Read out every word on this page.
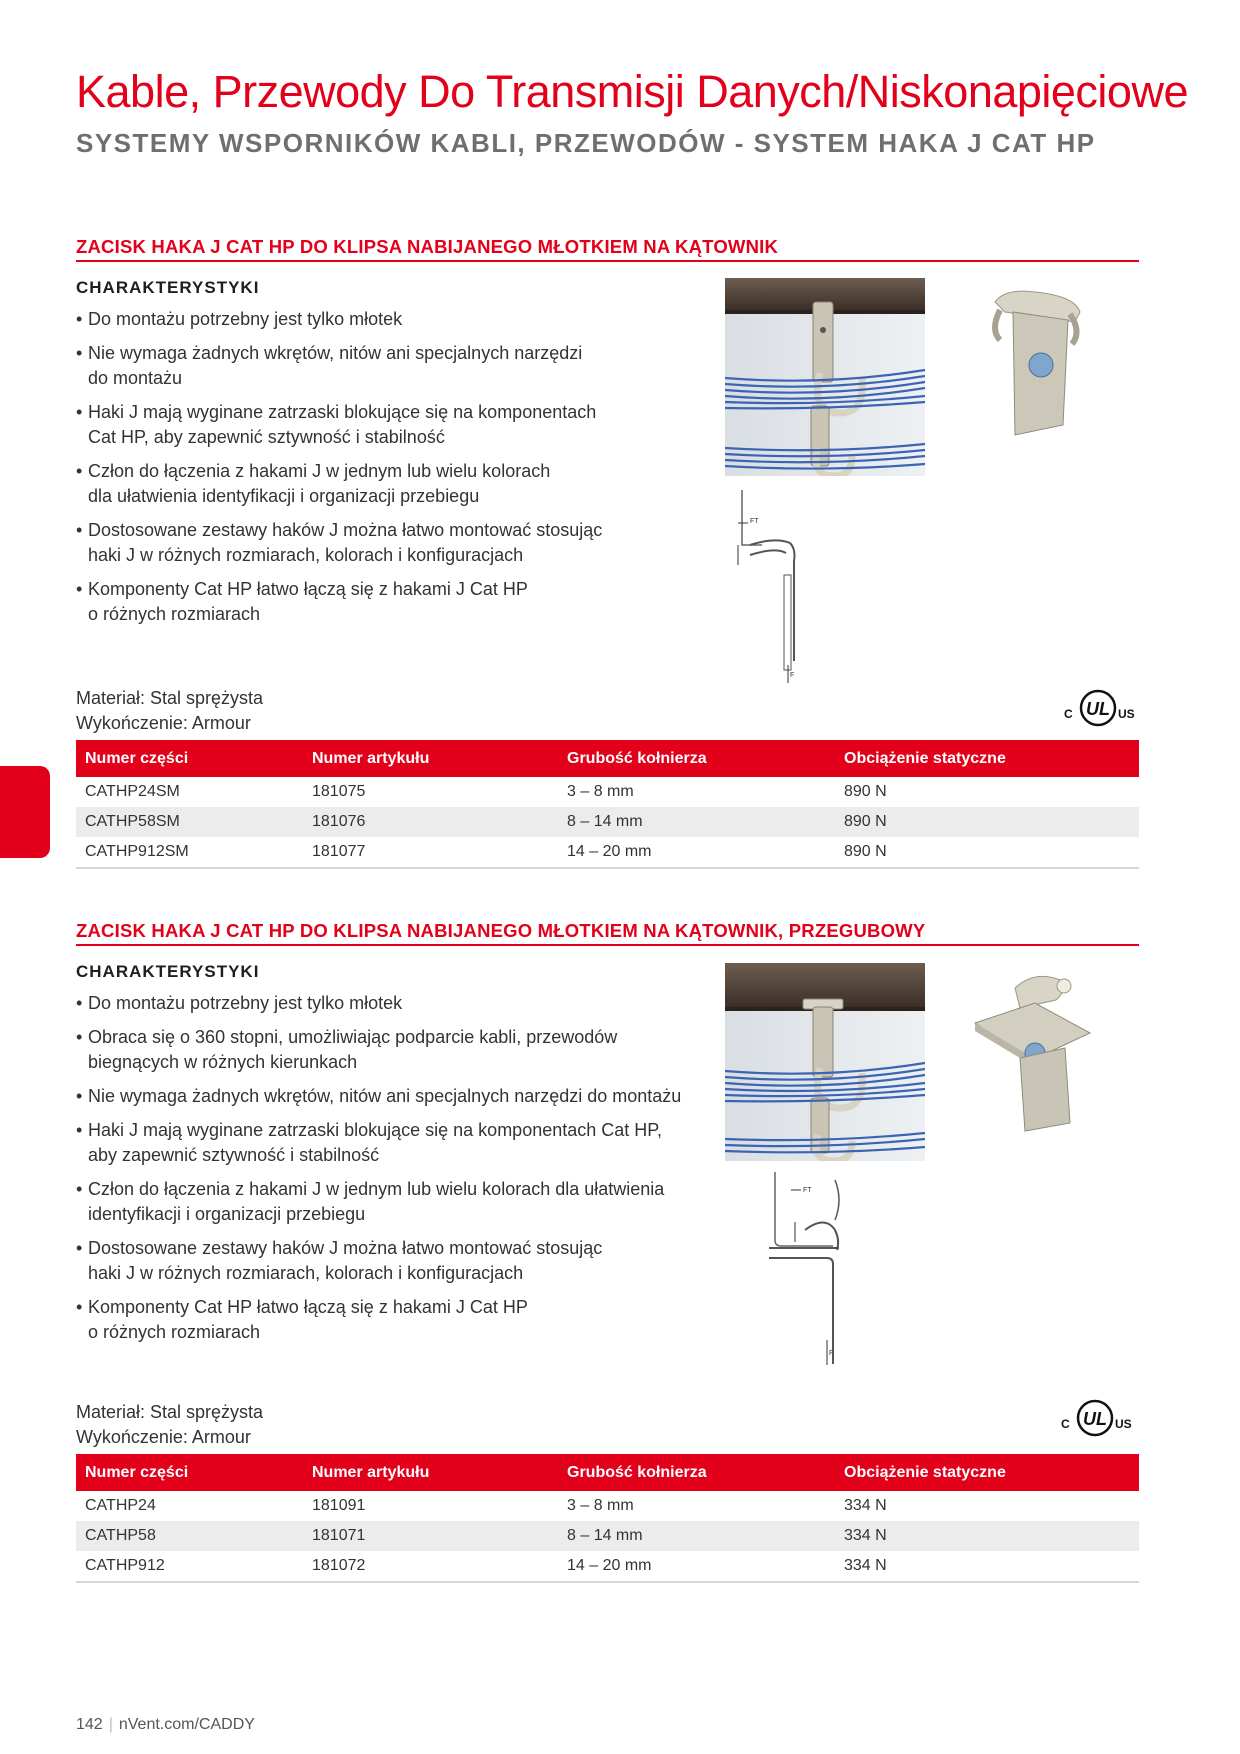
Kable, Przewody Do Transmisji Danych/Niskonapięciowe
SYSTEMY WSPORNIKÓW KABLI, PRZEWODÓW - SYSTEM HAKA J CAT HP
ZACISK HAKA J CAT HP DO KLIPSA NABIJANEGO MŁOTKIEM NA KĄTOWNIK
CHARAKTERYSTYKI
• Do montażu potrzebny jest tylko młotek
• Nie wymaga żadnych wkrętów, nitów ani specjalnych narzędzi
do montażu
• Haki J mają wyginane zatrzaski blokujące się na komponentach
Cat HP, aby zapewnić sztywność i stabilność
• Człon do łączenia z hakami J w jednym lub wielu kolorach
dla ułatwienia identyfikacji i organizacji przebiegu
• Dostosowane zestawy haków J można łatwo montować stosując
haki J w różnych rozmiarach, kolorach i konfiguracjach
• Komponenty Cat HP łatwo łączą się z hakami J Cat HP
o różnych rozmiarach
FT
F
Materiał: Stal sprężysta
Wykończenie: Armour
UL
C	US
Numer części	Numer artykułu	Grubość kołnierza	Obciążenie statyczne
CATHP24SM	181075	3 – 8 mm	890 N
CATHP58SM	181076	8 – 14 mm	890 N
CATHP912SM	181077	14 – 20 mm	890 N
ZACISK HAKA J CAT HP DO KLIPSA NABIJANEGO MŁOTKIEM NA KĄTOWNIK, PRZEGUBOWY
CHARAKTERYSTYKI
• Do montażu potrzebny jest tylko młotek
• Obraca się o 360 stopni, umożliwiając podparcie kabli, przewodów
biegnących w różnych kierunkach
• Nie wymaga żadnych wkrętów, nitów ani specjalnych narzędzi do montażu
• Haki J mają wyginane zatrzaski blokujące się na komponentach Cat HP,
aby zapewnić sztywność i stabilność
• Człon do łączenia z hakami J w jednym lub wielu kolorach dla ułatwienia
identyfikacji i organizacji przebiegu
• Dostosowane zestawy haków J można łatwo montować stosując
haki J w różnych rozmiarach, kolorach i konfiguracjach
• Komponenty Cat HP łatwo łączą się z hakami J Cat HP
o różnych rozmiarach
FT
F
Materiał: Stal sprężysta
Wykończenie: Armour
UL
C	US
Numer części	Numer artykułu	Grubość kołnierza	Obciążenie statyczne
CATHP24	181091	3 – 8 mm	334 N
CATHP58	181071	8 – 14 mm	334 N
CATHP912	181072	14 – 20 mm	334 N
142 | nVent.com/CADDY
